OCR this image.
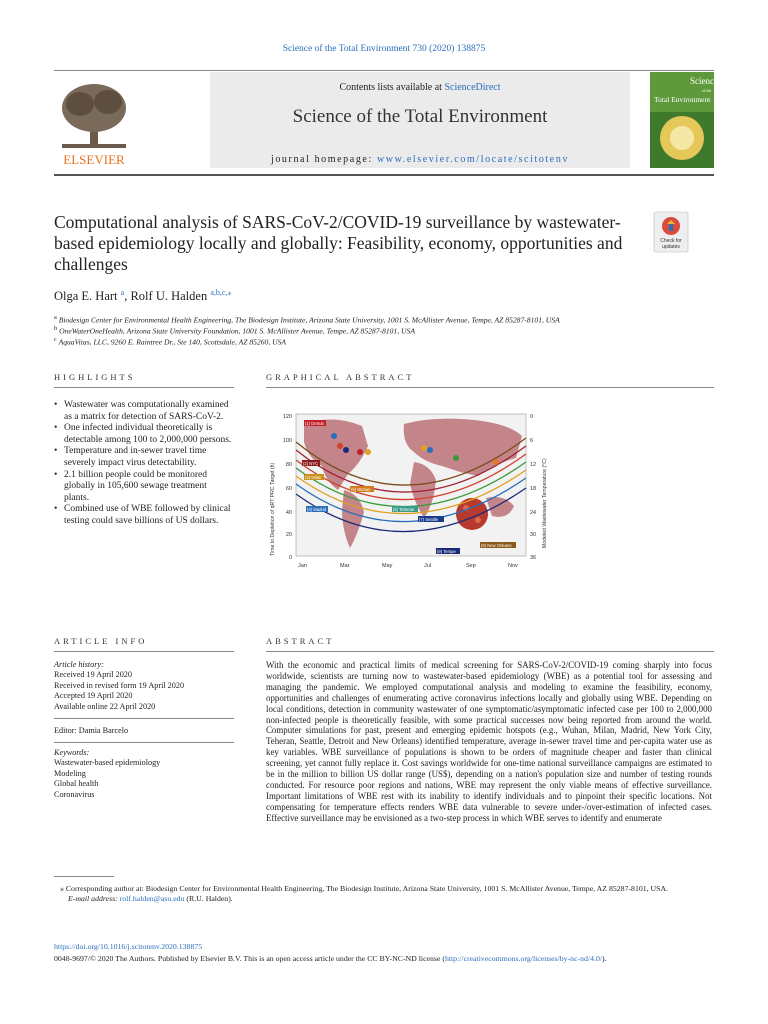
Science of the Total Environment 730 (2020) 138875
ELSEVIER
Contents lists available at ScienceDirect
Science of the Total Environment
journal homepage: www.elsevier.com/locate/scitotenv
Science
of the
Total Environment
Computational analysis of SARS-CoV-2/COVID-19 surveillance by wastewater-based epidemiology locally and globally: Feasibility, economy, opportunities and challenges
Check for
updates
Olga E. Hart $^a$, Rolf U. Halden $^{a,b,c,⁎}$
$^a$ Biodesign Center for Environmental Health Engineering, The Biodesign Institute, Arizona State University, 1001 S. McAllister Avenue, Tempe, AZ 85287-8101, USA
$^b$ OneWaterOneHealth, Arizona State University Foundation, 1001 S. McAllister Avenue, Tempe, AZ 85287-8101, USA
$^c$ AquaVitas, LLC, 9260 E. Raintree Dr., Ste 140, Scottsdale, AZ 85260, USA
HIGHLIGHTS	GRAPHICAL ABSTRACT
• Wastewater was computationally examined as a matrix for detection of SARS-CoV-2.
• One infected individual theoretically is detectable among 100 to 2,000,000 persons.
• Temperature and in-sewer travel time severely impact virus detectability.
• 2.1 billion people could be monitored globally in 105,600 sewage treatment plants.
• Combined use of WBE followed by clinical testing could save billions of US dollars.
(1) Detroit
(2) NYC
(3) Milan
(4) Madrid
(5) Wuhan
(6) Teheran
(7) Seattle
(8) New Orleans
(9) Tempe
120
100
80
60
40
20
0
0
6
12
18
24
30
36
Jan	Mar	May	Jul	Sep	Nov
Time to Depletion of qRT PRC Target (h)	Modeled Wastewater Temperature (°C)
ARTICLE INFO	ABSTRACT
Article history:
Received 19 April 2020
Received in revised form 19 April 2020
Accepted 19 April 2020
Available online 22 April 2020
Editor: Damia Barcelo
Keywords:
Wastewater-based epidemiology
Modeling
Global health
Coronavirus
With the economic and practical limits of medical screening for SARS-CoV-2/COVID-19 coming sharply into focus worldwide, scientists are turning now to wastewater-based epidemiology (WBE) as a potential tool for assessing and managing the pandemic. We employed computational analysis and modeling to examine the feasibility, economy, opportunities and challenges of enumerating active coronavirus infections locally and globally using WBE. Depending on local conditions, detection in community wastewater of one symptomatic/asymptomatic infected case per 100 to 2,000,000 non-infected people is theoretically feasible, with some practical successes now being reported from around the world. Computer simulations for past, present and emerging epidemic hotspots (e.g., Wuhan, Milan, Madrid, New York City, Teheran, Seattle, Detroit and New Orleans) identified temperature, average in-sewer travel time and per-capita water use as key variables. WBE surveillance of populations is shown to be orders of magnitude cheaper and faster than clinical screening, yet cannot fully replace it. Cost savings worldwide for one-time national surveillance campaigns are estimated to be in the million to billion US dollar range (US$), depending on a nation's population size and number of testing rounds conducted. For resource poor regions and nations, WBE may represent the only viable means of effective surveillance. Important limitations of WBE rest with its inability to identify individuals and to pinpoint their specific locations. Not compensating for temperature effects renders WBE data vulnerable to severe under-/over-estimation of infected cases. Effective surveillance may be envisioned as a two-step process in which WBE serves to identify and enumerate
⁎ Corresponding author at: Biodesign Center for Environmental Health Engineering, The Biodesign Institute, Arizona State University, 1001 S. McAllister Avenue, Tempe, AZ 85287-8101, USA.
E-mail address: rolf.halden@asu.edu (R.U. Halden).
https://doi.org/10.1016/j.scitotenv.2020.138875
0048-9697/© 2020 The Authors. Published by Elsevier B.V. This is an open access article under the CC BY-NC-ND license (http://creativecommons.org/licenses/by-nc-nd/4.0/).
